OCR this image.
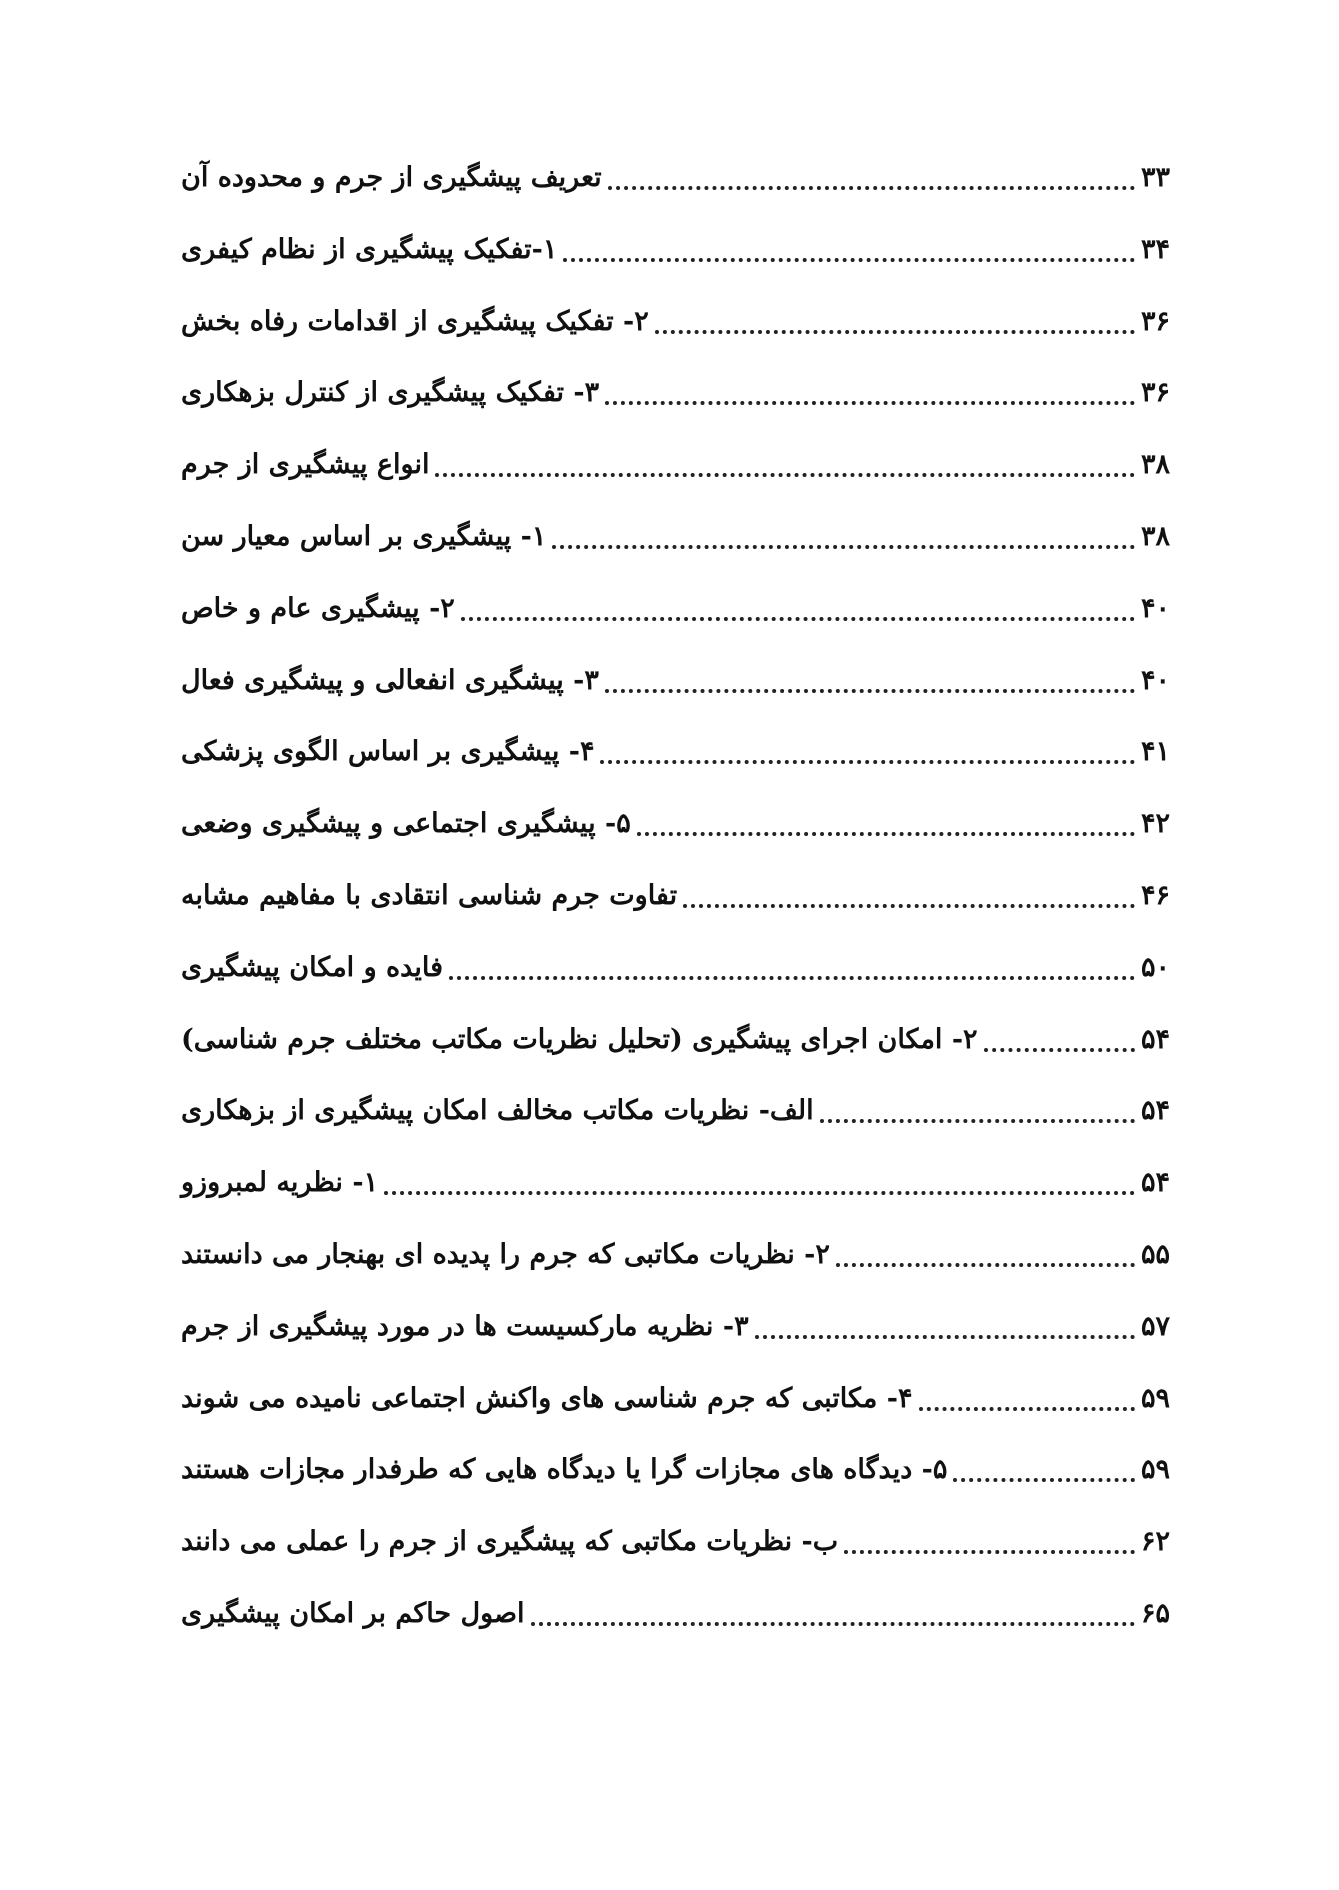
تعریف پیشگیری از جرم و محدوده آن	۳۳
۱-تفکیک پیشگیری از نظام کیفری	۳۴
۲- تفکیک پیشگیری از اقدامات رفاه بخش	۳۶
۳- تفکیک پیشگیری از کنترل بزهکاری	۳۶
انواع پیشگیری از جرم	۳۸
۱- پیشگیری بر اساس معیار سن	۳۸
۲- پیشگیری عام و خاص	۴۰
۳- پیشگیری انفعالی و پیشگیری فعال	۴۰
۴- پیشگیری بر اساس الگوی پزشکی	۴۱
۵- پیشگیری اجتماعی و پیشگیری وضعی	۴۲
تفاوت جرم شناسی انتقادی با مفاهیم مشابه	۴۶
فایده و امکان پیشگیری	۵۰
۲- امکان اجرای پیشگیری (تحلیل نظریات مکاتب مختلف جرم شناسی)	۵۴
الف- نظریات مکاتب مخالف امکان پیشگیری از بزهکاری	۵۴
۱- نظریه لمبروزو	۵۴
۲- نظریات مکاتبی که جرم را پدیده ای بهنجار می دانستند	۵۵
۳- نظریه مارکسیست ها در مورد پیشگیری از جرم	۵۷
۴- مکاتبی که جرم شناسی های واکنش اجتماعی نامیده می شوند	۵۹
۵- دیدگاه های مجازات گرا یا دیدگاه هایی که طرفدار مجازات هستند	۵۹
ب- نظریات مکاتبی که پیشگیری از جرم را عملی می دانند	۶۲
اصول حاکم بر امکان پیشگیری	۶۵
